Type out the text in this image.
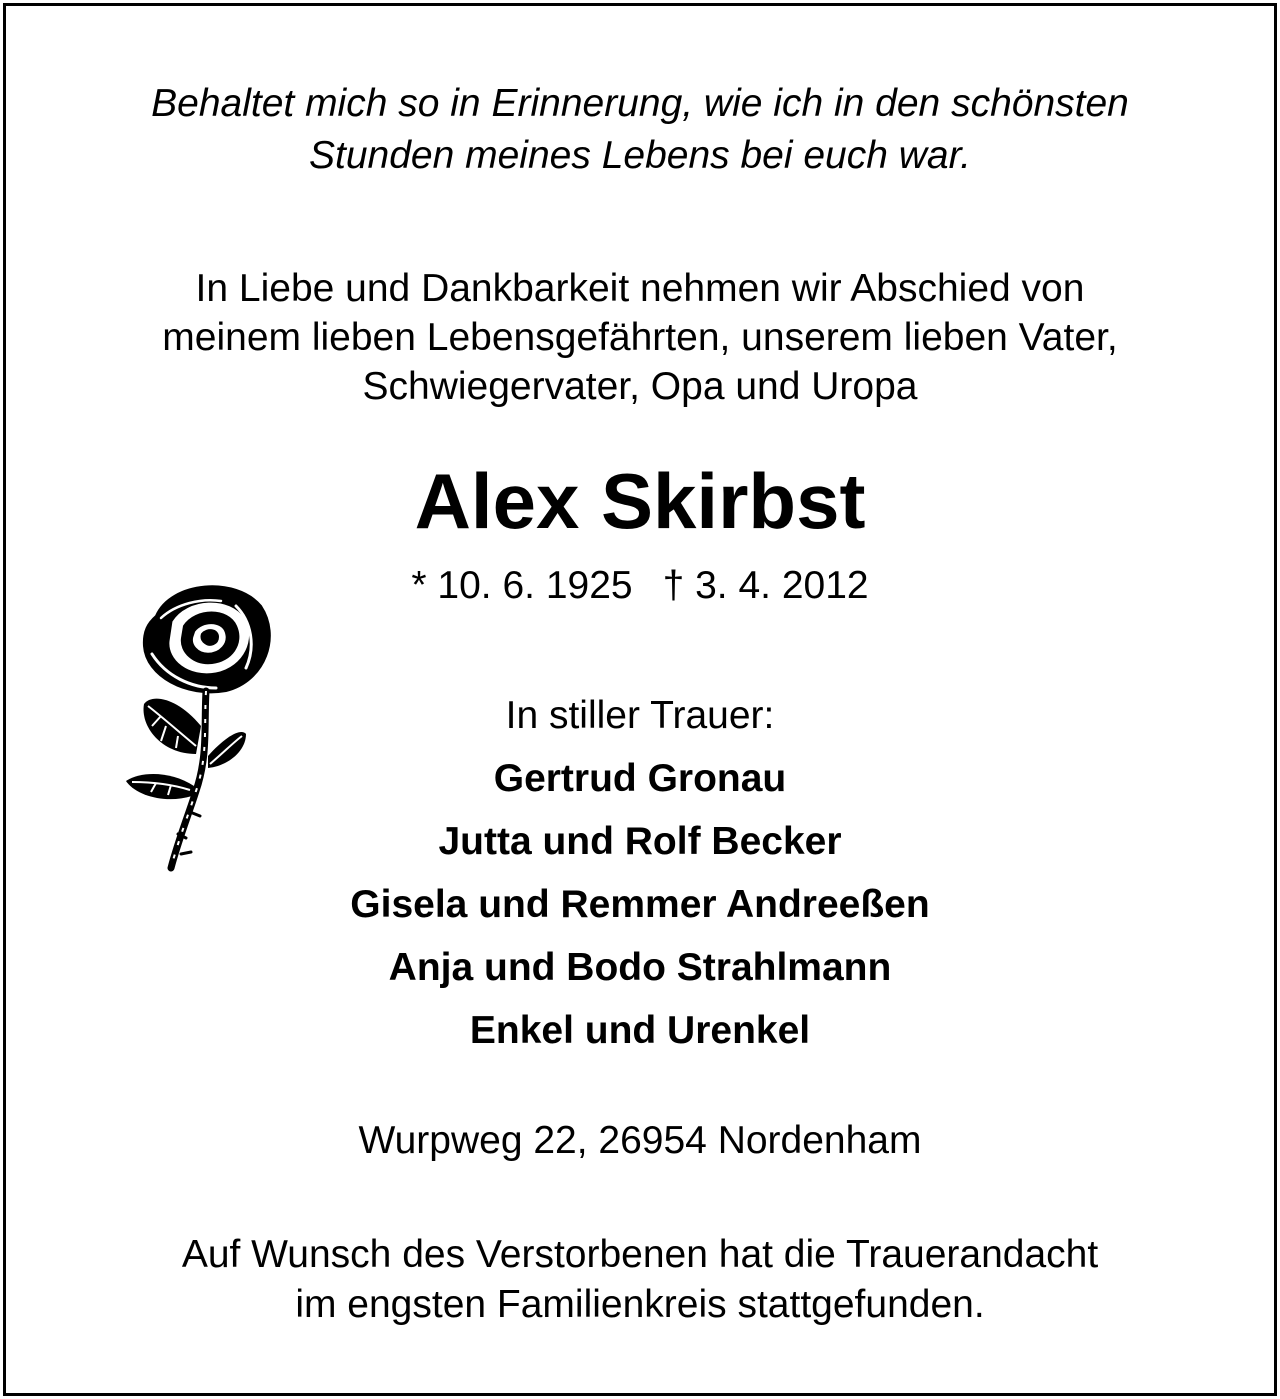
Behaltet mich so in Erinnerung, wie ich in den schönsten
Stunden meines Lebens bei euch war.
In Liebe und Dankbarkeit nehmen wir Abschied von
meinem lieben Lebensgefährten, unserem lieben Vater,
Schwiegervater, Opa und Uropa
Alex Skirbst
* 10. 6. 1925 † 3. 4. 2012
In stiller Trauer:
Gertrud Gronau
Jutta und Rolf Becker
Gisela und Remmer Andreeßen
Anja und Bodo Strahlmann
Enkel und Urenkel
Wurpweg 22, 26954 Nordenham
Auf Wunsch des Verstorbenen hat die Trauerandacht
im engsten Familienkreis stattgefunden.
